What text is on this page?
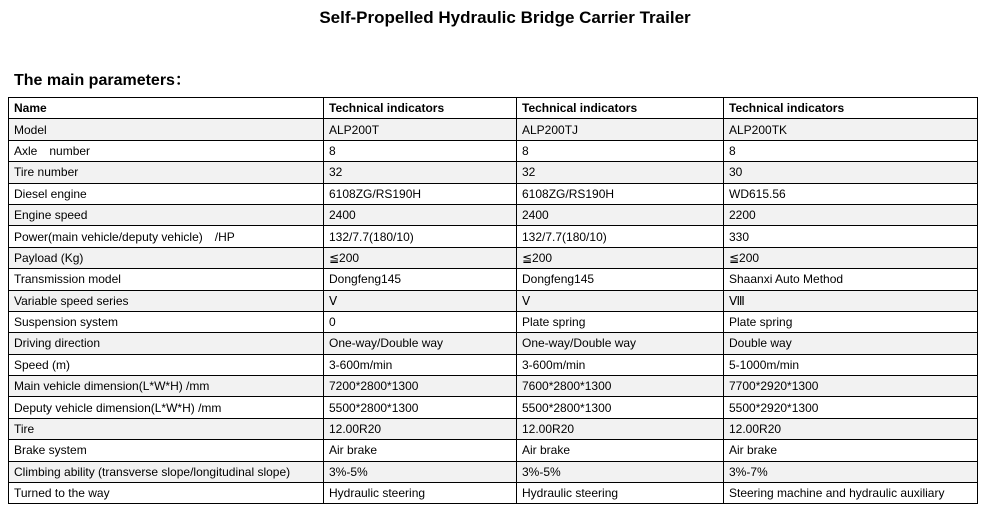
Self-Propelled Hydraulic Bridge Carrier Trailer
The main parameters：
Name	Technical indicators	Technical indicators	Technical indicators
Model	ALP200T	ALP200TJ	ALP200TK
Axle　number	8	8	8
Tire number	32	32	30
Diesel engine	6108ZG/RS190H	6108ZG/RS190H	WD615.56
Engine speed	2400	2400	2200
Power(main vehicle/deputy vehicle)　/HP	132/7.7(180/10)	132/7.7(180/10)	330
Payload (Kg)	≦200	≦200	≦200
Transmission model	Dongfeng145	Dongfeng145	Shaanxi Auto Method
Variable speed series	Ⅴ	Ⅴ	Ⅷ
Suspension system	0	Plate spring	Plate spring
Driving direction	One-way/Double way	One-way/Double way	Double way
Speed (m)	3-600m/min	3-600m/min	5-1000m/min
Main vehicle dimension(L*W*H) /mm	7200*2800*1300	7600*2800*1300	7700*2920*1300
Deputy vehicle dimension(L*W*H) /mm	5500*2800*1300	5500*2800*1300	5500*2920*1300
Tire	12.00R20	12.00R20	12.00R20
Brake system	Air brake	Air brake	Air brake
Climbing ability (transverse slope/longitudinal slope)	3%-5%	3%-5%	3%-7%
Turned to the way	Hydraulic steering	Hydraulic steering	Steering machine and hydraulic auxiliary
